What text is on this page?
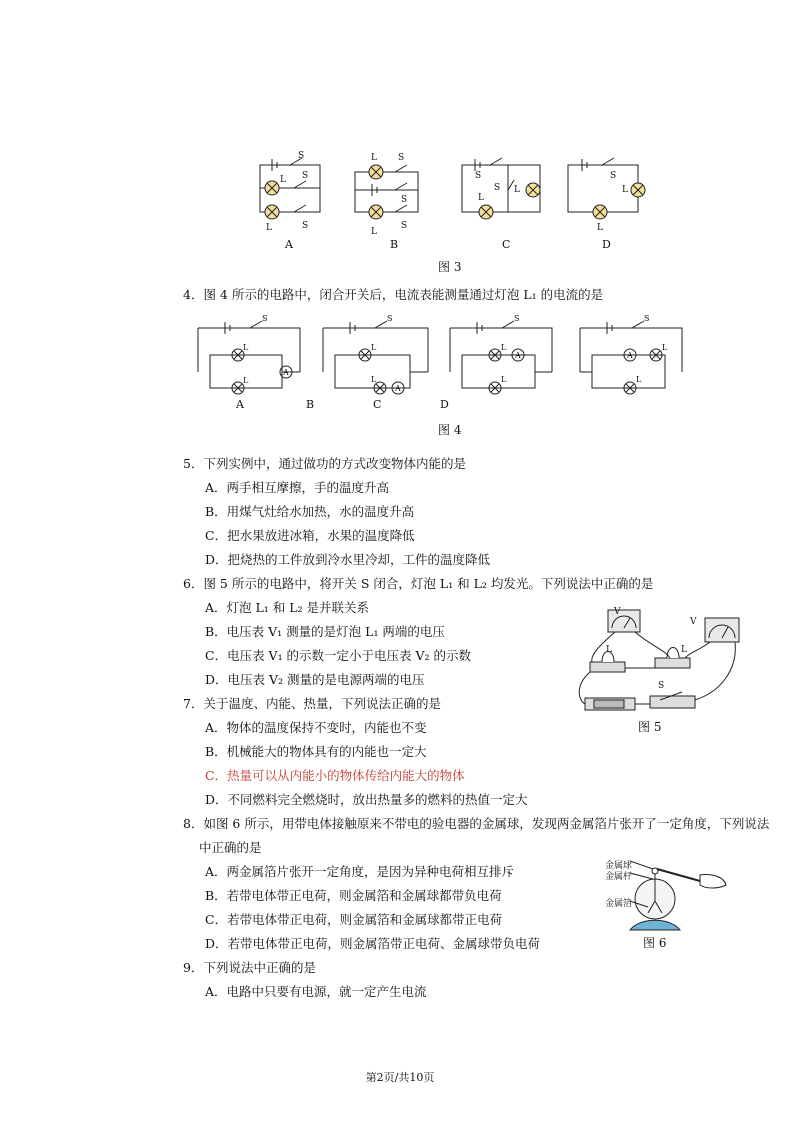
S
L S
L	S
L S
S
L
S
S
S L
L
S
L
L
A	B	C	D
图 3
4．图 4 所示的电路中，闭合开关后，电流表能测量通过灯泡 L₁ 的电流的是
S
L
L
A
S
L
L
A
S
L
L
A
S
L
L
A
A	B	C	D
图 4
5．下列实例中，通过做功的方式改变物体内能的是
A．两手相互摩擦，手的温度升高
B．用煤气灶给水加热，水的温度升高
C．把水果放进冰箱，水果的温度降低
D．把烧热的工件放到冷水里冷却，工件的温度降低
6．图 5 所示的电路中，将开关 S 闭合，灯泡 L₁ 和 L₂ 均发光。下列说法中正确的是
A．灯泡 L₁ 和 L₂ 是并联关系
B．电压表 V₁ 测量的是灯泡 L₁ 两端的电压
C．电压表 V₁ 的示数一定小于电压表 V₂ 的示数
D．电压表 V₂ 测量的是电源两端的电压
V
V
L	L
S
图 5
7．关于温度、内能、热量，下列说法正确的是
A．物体的温度保持不变时，内能也不变
B．机械能大的物体具有的内能也一定大
C．热量可以从内能小的物体传给内能大的物体
D．不同燃料完全燃烧时，放出热量多的燃料的热值一定大
8．如图 6 所示，用带电体接触原来不带电的验电器的金属球，发现两金属箔片张开了一定角度，下列说法
中正确的是
A．两金属箔片张开一定角度，是因为异种电荷相互排斥
B．若带电体带正电荷，则金属箔和金属球都带负电荷
C．若带电体带正电荷，则金属箔和金属球都带正电荷
D．若带电体带正电荷，则金属箔带正电荷、金属球带负电荷
金属球
金属杆
金属箔
图 6
9．下列说法中正确的是
A．电路中只要有电源，就一定产生电流
第2页/共10页
